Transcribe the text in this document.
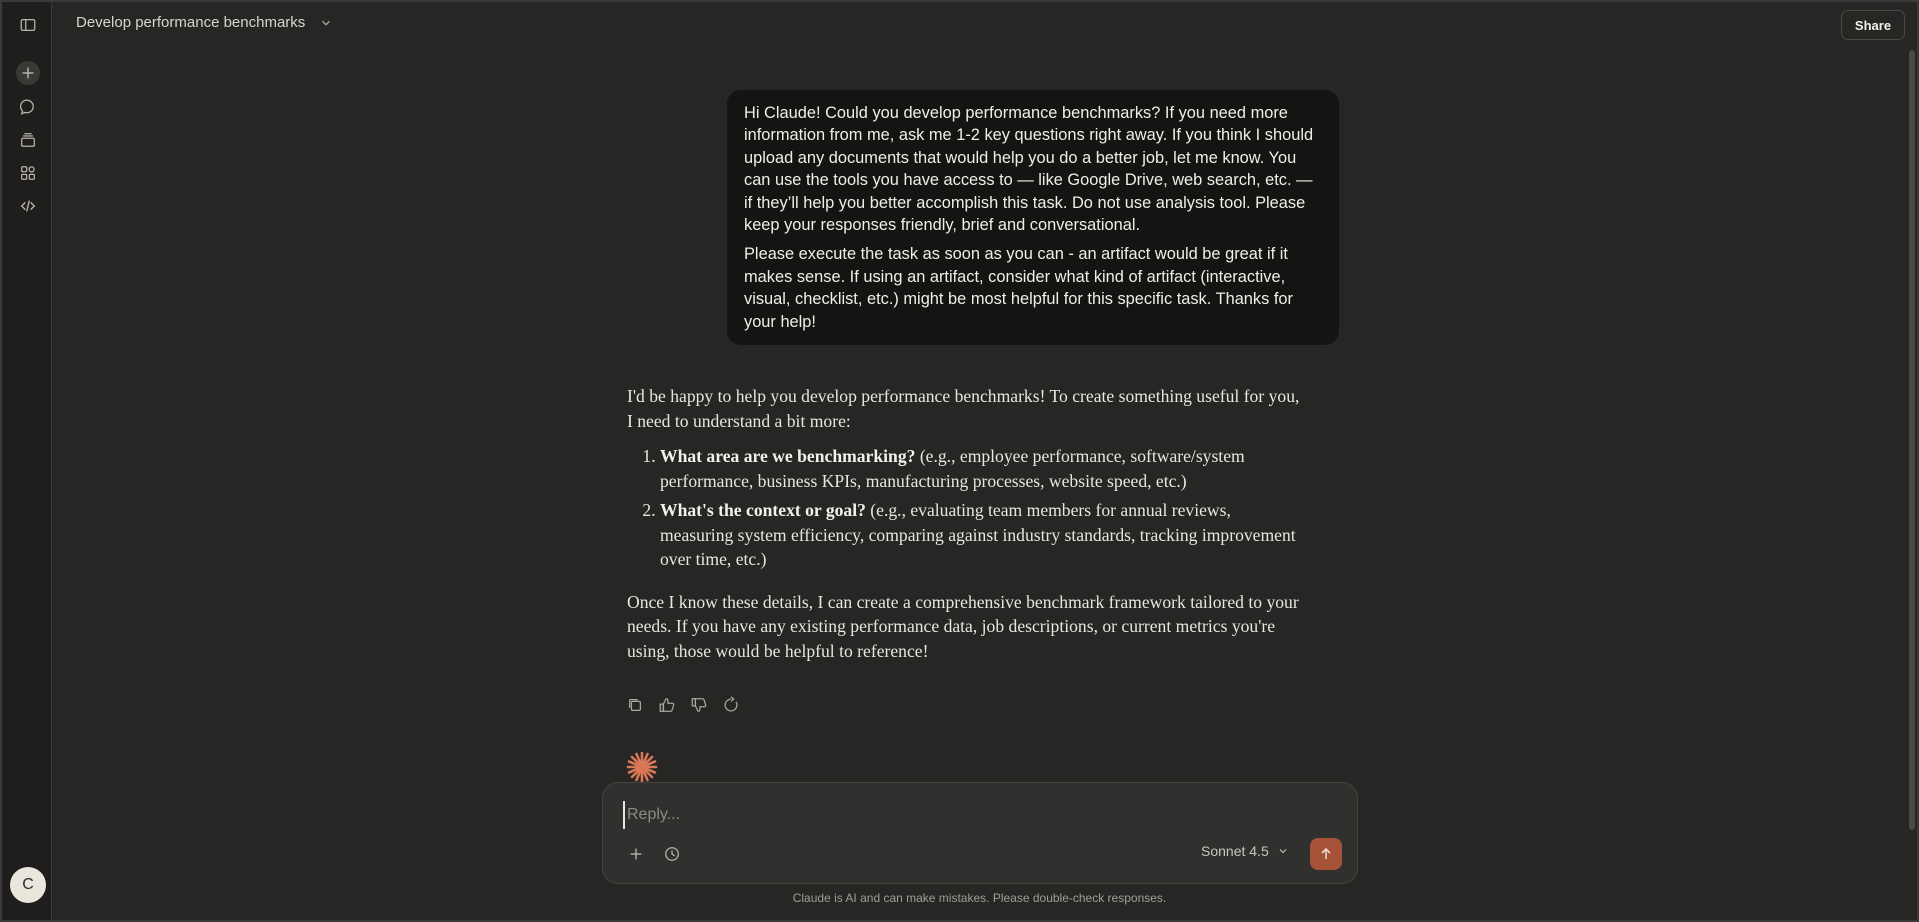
C
Develop performance benchmarks	Share

Hi Claude! Could you develop performance benchmarks? If you need more information from me, ask me 1-2 key questions right away. If you think I should upload any documents that would help you do a better job, let me know. You can use the tools you have access to — like Google Drive, web search, etc. — if they’ll help you better accomplish this task. Do not use analysis tool. Please keep your responses friendly, brief and conversational.

Please execute the task as soon as you can - an artifact would be great if it makes sense. If using an artifact, consider what kind of artifact (interactive, visual, checklist, etc.) might be most helpful for this specific task. Thanks for your help!

I'd be happy to help you develop performance benchmarks! To create something useful for you, I need to understand a bit more:

1. What area are we benchmarking? (e.g., employee performance, software/system performance, business KPIs, manufacturing processes, website speed, etc.)
2. What's the context or goal? (e.g., evaluating team members for annual reviews, measuring system efficiency, comparing against industry standards, tracking improvement over time, etc.)

Once I know these details, I can create a comprehensive benchmark framework tailored to your needs. If you have any existing performance data, job descriptions, or current metrics you're using, those would be helpful to reference!

Reply...
Sonnet 4.5
Claude is AI and can make mistakes. Please double-check responses.
